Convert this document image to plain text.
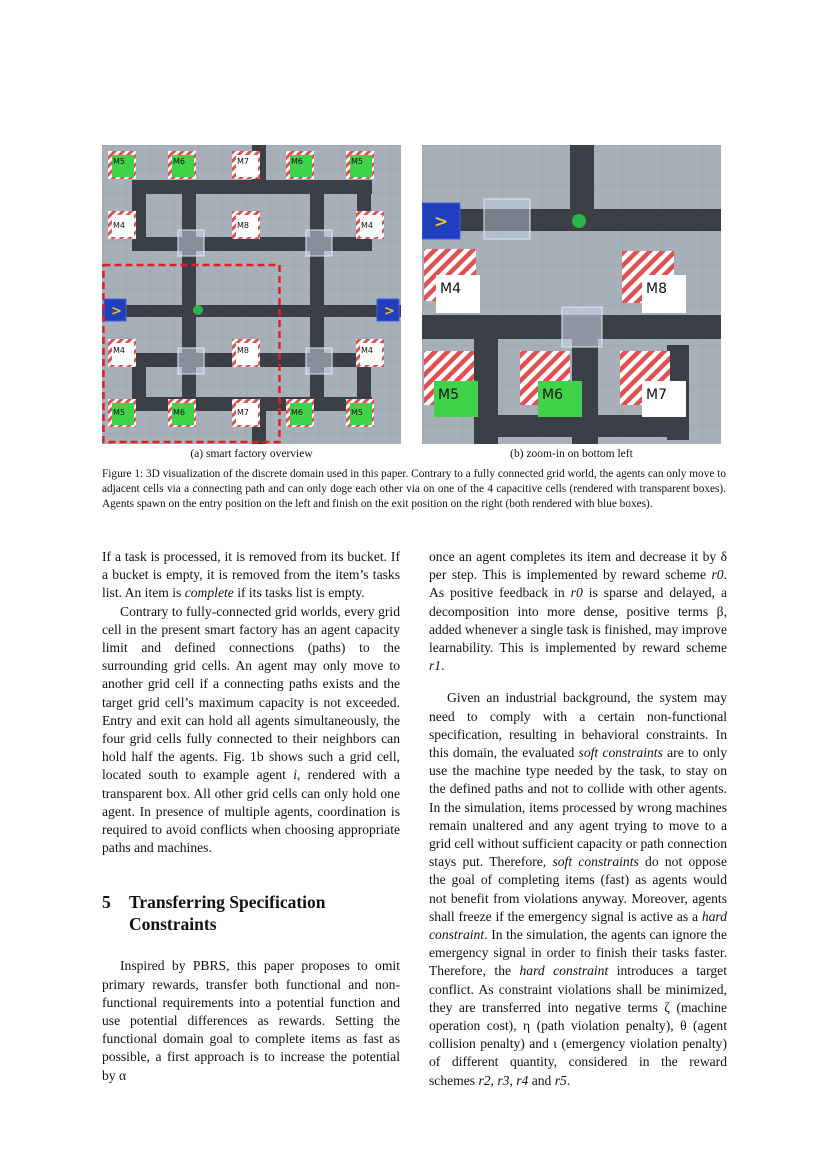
>	>
M5	M6	M7	M6	M5
M4	M8	M4
M4	M8	M4
M5	M6	M7	M6	M5
(a) smart factory overview
>
M4	M8
M5	M6	M7
(b) zoom-in on bottom left
Figure 1: 3D visualization of the discrete domain used in this paper. Contrary to a fully connected grid world, the agents can only move to adjacent cells via a connecting path and can only doge each other via on one of the 4 capacitive cells (rendered with transparent boxes). Agents spawn on the entry position on the left and finish on the exit position on the right (both rendered with blue boxes).

If a task is processed, it is removed from its bucket. If a bucket is empty, it is removed from the item’s tasks list. An item is complete if its tasks list is empty.

Contrary to fully-connected grid worlds, every grid cell in the present smart factory has an agent capacity limit and defined connections (paths) to the surrounding grid cells. An agent may only move to another grid cell if a connecting paths exists and the target grid cell’s maximum capacity is not exceeded. Entry and exit can hold all agents simultaneously, the four grid cells fully connected to their neighbors can hold half the agents. Fig. 1b shows such a grid cell, located south to example agent i, rendered with a transparent box. All other grid cells can only hold one agent. In presence of multiple agents, coordination is required to avoid conflicts when choosing appropriate paths and machines.

5	Transferring Specification Constraints

Inspired by PBRS, this paper proposes to omit primary rewards, transfer both functional and non-functional requirements into a potential function and use potential differences as rewards. Setting the functional domain goal to complete items as fast as possible, a first approach is to increase the potential by α

once an agent completes its item and decrease it by δ per step. This is implemented by reward scheme r0. As positive feedback in r0 is sparse and delayed, a decomposition into more dense, positive terms β, added whenever a single task is finished, may improve learnability. This is implemented by reward scheme r1.

Given an industrial background, the system may need to comply with a certain non-functional specification, resulting in behavioral constraints. In this domain, the evaluated soft constraints are to only use the machine type needed by the task, to stay on the defined paths and not to collide with other agents. In the simulation, items processed by wrong machines remain unaltered and any agent trying to move to a grid cell without sufficient capacity or path connection stays put. Therefore, soft constraints do not oppose the goal of completing items (fast) as agents would not benefit from violations anyway. Moreover, agents shall freeze if the emergency signal is active as a hard constraint. In the simulation, the agents can ignore the emergency signal in order to finish their tasks faster. Therefore, the hard constraint introduces a target conflict. As constraint violations shall be minimized, they are transferred into negative terms ζ (machine operation cost), η (path violation penalty), θ (agent collision penalty) and ι (emergency violation penalty) of different quantity, considered in the reward schemes r2, r3, r4 and r5.
